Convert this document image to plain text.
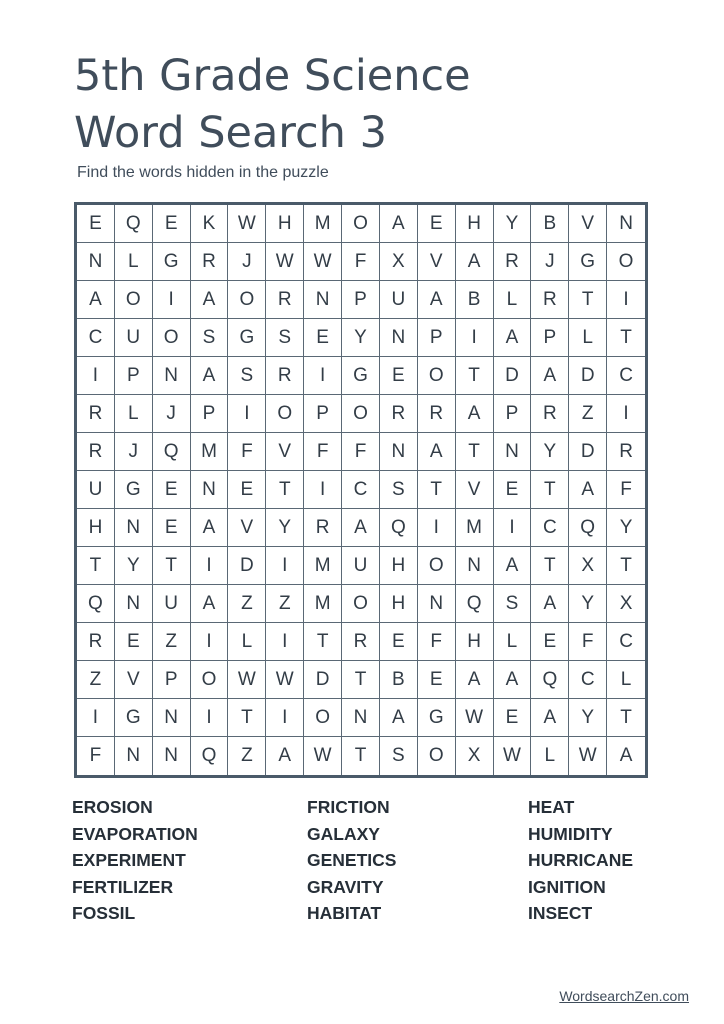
5th Grade Science
Word Search 3

Find the words hidden in the puzzle

E	Q	E	K	W	H	M	O	A	E	H	Y	B	V	N
N	L	G	R	J	W	W	F	X	V	A	R	J	G	O
A	O	I	A	O	R	N	P	U	A	B	L	R	T	I
C	U	O	S	G	S	E	Y	N	P	I	A	P	L	T
I	P	N	A	S	R	I	G	E	O	T	D	A	D	C
R	L	J	P	I	O	P	O	R	R	A	P	R	Z	I
R	J	Q	M	F	V	F	F	N	A	T	N	Y	D	R
U	G	E	N	E	T	I	C	S	T	V	E	T	A	F
H	N	E	A	V	Y	R	A	Q	I	M	I	C	Q	Y
T	Y	T	I	D	I	M	U	H	O	N	A	T	X	T
Q	N	U	A	Z	Z	M	O	H	N	Q	S	A	Y	X
R	E	Z	I	L	I	T	R	E	F	H	L	E	F	C
Z	V	P	O	W	W	D	T	B	E	A	A	Q	C	L
I	G	N	I	T	I	O	N	A	G	W	E	A	Y	T
F	N	N	Q	Z	A	W	T	S	O	X	W	L	W	A
EROSION
EVAPORATION
EXPERIMENT
FERTILIZER
FOSSIL
FRICTION
GALAXY
GENETICS
GRAVITY
HABITAT
HEAT
HUMIDITY
HURRICANE
IGNITION
INSECT
WordsearchZen.com
